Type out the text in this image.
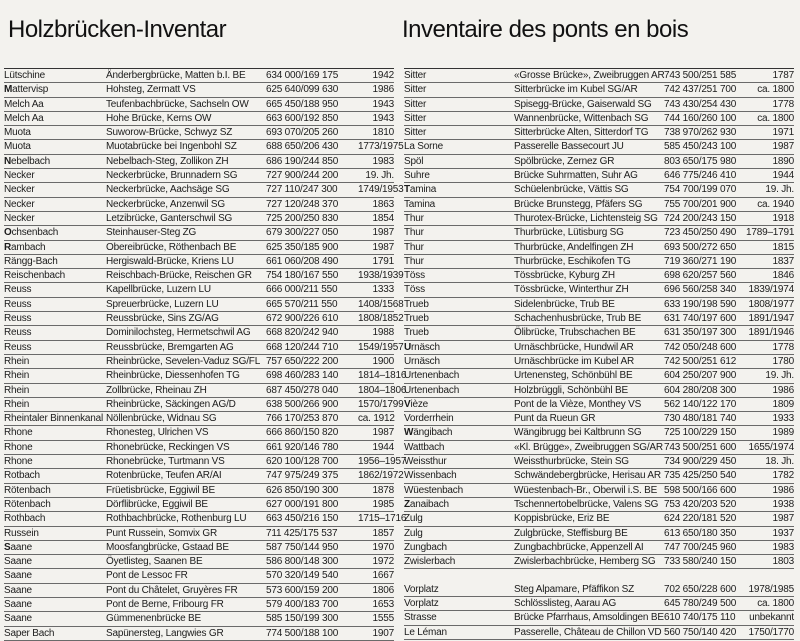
Holzbrücken-Inventar	Inventaire des ponts en bois
Lütschine	Änderbergbrücke, Matten b.I. BE	634 000/169 175	1942
Mattervisp	Hohsteg, Zermatt VS	625 640/099 630	1986
Melch Aa	Teufenbachbrücke, Sachseln OW	665 450/188 950	1943
Melch Aa	Hohe Brücke, Kerns OW	663 600/192 850	1943
Muota	Suworow-Brücke, Schwyz SZ	693 070/205 260	1810
Muota	Muotabrücke bei Ingenbohl SZ	688 650/206 430	1773/1975
Nebelbach	Nebelbach-Steg, Zollikon ZH	686 190/244 850	1983
Necker	Neckerbrücke, Brunnadern SG	727 900/244 200	19. Jh.
Necker	Neckerbrücke, Aachsäge SG	727 110/247 300	1749/1953
Necker	Neckerbrücke, Anzenwil SG	727 120/248 370	1863
Necker	Letzibrücke, Ganterschwil SG	725 200/250 830	1854
Ochsenbach	Steinhauser-Steg ZG	679 300/227 050	1987
Rambach	Obereibrücke, Röthenbach BE	625 350/185 900	1987
Rängg-Bach	Hergiswald-Brücke, Kriens LU	661 060/208 490	1791
Reischenbach	Reischbach-Brücke, Reischen GR	754 180/167 550	1938/1939
Reuss	Kapellbrücke, Luzern LU	666 000/211 550	1333
Reuss	Spreuerbrücke, Luzern LU	665 570/211 550	1408/1568
Reuss	Reussbrücke, Sins ZG/AG	672 900/226 610	1808/1852
Reuss	Dominilochsteg, Hermetschwil AG	668 820/242 940	1988
Reuss	Reussbrücke, Bremgarten AG	668 120/244 710	1549/1957
Rhein	Rheinbrücke, Sevelen-Vaduz SG/FL 757 650/222 200	1900
Rhein	Rheinbrücke, Diessenhofen TG	698 460/283 140	1814–1816
Rhein	Zollbrücke, Rheinau ZH	687 450/278 040	1804–1806
Rhein	Rheinbrücke, Säckingen AG/D	638 500/266 900	1570/1799
Rheintaler Binnenkanal Nöllenbrücke, Widnau SG	766 170/253 870	ca. 1912
Rhone	Rhonesteg, Ulrichen VS	666 860/150 820	1987
Rhone	Rhonebrücke, Reckingen VS	661 920/146 780	1944
Rhone	Rhonebrücke, Turtmann VS	620 100/128 700	1956–1957
Rotbach	Rotenbrücke, Teufen AR/AI	747 975/249 375	1862/1972
Rötenbach	Früetisbrücke, Eggiwil BE	626 850/190 300	1878
Rötenbach	Dörflibrücke, Eggiwil BE	627 000/191 800	1985
Rothbach	Rothbachbrücke, Rothenburg LU	663 450/216 150	1715–1716
Russein	Punt Russein, Somvix GR	711 425/175 537	1857
Saane	Moosfangbrücke, Gstaad BE	587 750/144 950	1970
Saane	Öyetlisteg, Saanen BE	586 800/148 300	1972
Saane	Pont de Lessoc FR	570 320/149 540	1667
Saane	Pont du Châtelet, Gruyères FR	573 600/159 200	1806
Saane	Pont de Berne, Fribourg FR	579 400/183 700	1653
Saane	Gümmenenbrücke BE	585 150/199 300	1555
Saper Bach	Sapünersteg, Langwies GR	774 500/188 100	1907
Sitter	«Grosse Brücke», Zweibruggen AR 743 500/251 585	1787
Sitter	Sitterbrücke im Kubel SG/AR	742 437/251 700	ca. 1800
Sitter	Spisegg-Brücke, Gaiserwald SG	743 430/254 430	1778
Sitter	Wannenbrücke, Wittenbach SG	744 160/260 100	ca. 1800
Sitter	Sitterbrücke Alten, Sitterdorf TG	738 970/262 930	1971
La Sorne	Passerelle Bassecourt JU	585 450/243 100	1987
Spöl	Spölbrücke, Zernez GR	803 650/175 980	1890
Suhre	Brücke Suhrmatten, Suhr AG	646 775/246 410	1944
Tamina	Schüelenbrücke, Vättis SG	754 700/199 070	19. Jh.
Tamina	Brücke Brunstegg, Pfäfers SG	755 700/201 900	ca. 1940
Thur	Thurotex-Brücke, Lichtensteig SG 724 200/243 150	1918
Thur	Thurbrücke, Lütisburg SG	723 450/250 490 1789–1791
Thur	Thurbrücke, Andelfingen ZH	693 500/272 650	1815
Thur	Thurbrücke, Eschikofen TG	719 360/271 190	1837
Töss	Tössbrücke, Kyburg ZH	698 620/257 560	1846
Töss	Tössbrücke, Winterthur ZH	696 560/258 340	1839/1974
Trueb	Sidelenbrücke, Trub BE	633 190/198 590	1808/1977
Trueb	Schachenhusbrücke, Trub BE	631 740/197 600	1891/1947
Trueb	Ölibrücke, Trubschachen BE	631 350/197 300	1891/1946
Urnäsch	Urnäschbrücke, Hundwil AR	742 050/248 600	1778
Urnäsch	Urnäschbrücke im Kubel AR	742 500/251 612	1780
Urtenenbach	Urtenensteg, Schönbühl BE	604 250/207 900	19. Jh.
Urtenenbach	Holzbrüggli, Schönbühl BE	604 280/208 300	1986
Vièze	Pont de la Vièze, Monthey VS	562 140/122 170	1809
Vorderrhein	Punt da Rueun GR	730 480/181 740	1933
Wängibach	Wängibrugg bei Kaltbrunn SG	725 100/229 150	1989
Wattbach	«Kl. Brügge», Zweibruggen SG/AR 743 500/251 600	1655/1974
Weissthur	Weissthurbrücke, Stein SG	734 900/229 450	18. Jh.
Wissenbach	Schwändebergbrücke, Herisau AR 735 425/250 540	1782
Wüestenbach	Wüestenbach-Br., Oberwil i.S. BE 598 500/166 600	1986
Zanaibach	Tschennertobelbrücke, Valens SG 753 420/203 520	1938
Zulg	Koppisbrücke, Eriz BE	624 220/181 520	1987
Zulg	Zulgbrücke, Steffisburg BE	613 650/180 350	1937
Zungbach	Zungbachbrücke, Appenzell AI	747 700/245 960	1983
Zwislerbach	Zwislerbachbrücke, Hemberg SG 733 580/240 150	1803
Vorplatz	Steg Alpamare, Pfäffikon SZ	702 650/228 600	1978/1985
Vorplatz	Schlösslisteg, Aarau AG	645 780/249 500	ca. 1800
Strasse	Brücke Pfarrhaus, Amsoldingen BE 610 740/175 110	unbekannt
Le Léman	Passerelle, Château de Chillon VD 560 750/140 420	1750/1770
